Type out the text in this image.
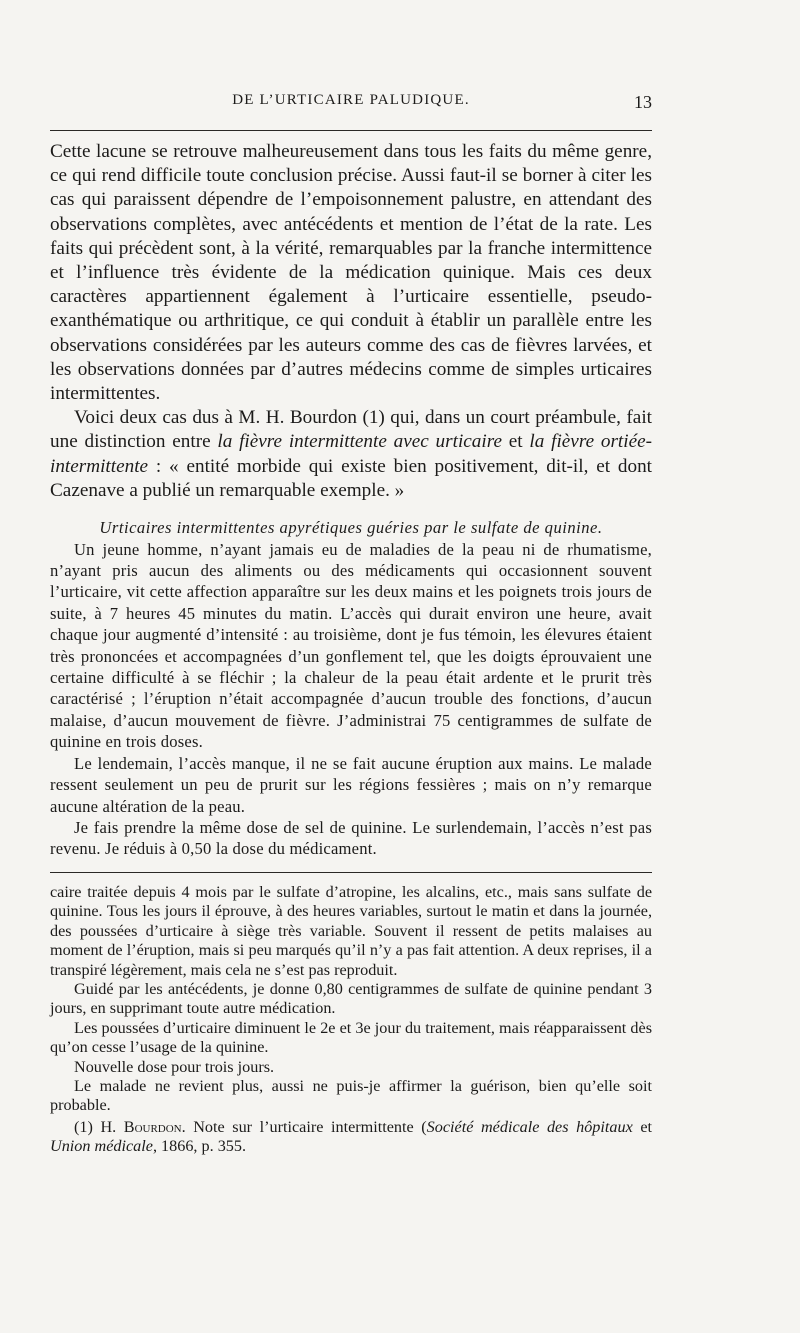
DE L’URTICAIRE PALUDIQUE.	13

Cette lacune se retrouve malheureusement dans tous les faits du même genre, ce qui rend difficile toute conclusion précise. Aussi faut-il se borner à citer les cas qui paraissent dépendre de l’empoisonnement palustre, en attendant des observations complètes, avec antécédents et mention de l’état de la rate. Les faits qui précèdent sont, à la vérité, remarquables par la franche intermittence et l’influence très évidente de la médication quinique. Mais ces deux caractères appartiennent également à l’urticaire essentielle, pseudo-exanthématique ou arthritique, ce qui conduit à établir un parallèle entre les observations considérées par les auteurs comme des cas de fièvres larvées, et les observations données par d’autres médecins comme de simples urticaires intermittentes.

Voici deux cas dus à M. H. Bourdon (1) qui, dans un court préambule, fait une distinction entre la fièvre intermittente avec urticaire et la fièvre ortiée-intermittente : « entité morbide qui existe bien positivement, dit-il, et dont Cazenave a publié un remarquable exemple. »

Urticaires intermittentes apyrétiques guéries par le sulfate de quinine.

Un jeune homme, n’ayant jamais eu de maladies de la peau ni de rhumatisme, n’ayant pris aucun des aliments ou des médicaments qui occasionnent souvent l’urticaire, vit cette affection apparaître sur les deux mains et les poignets trois jours de suite, à 7 heures 45 minutes du matin. L’accès qui durait environ une heure, avait chaque jour augmenté d’intensité : au troisième, dont je fus témoin, les élevures étaient très prononcées et accompagnées d’un gonflement tel, que les doigts éprouvaient une certaine difficulté à se fléchir ; la chaleur de la peau était ardente et le prurit très caractérisé ; l’éruption n’était accompagnée d’aucun trouble des fonctions, d’aucun malaise, d’aucun mouvement de fièvre. J’administrai 75 centigrammes de sulfate de quinine en trois doses.

Le lendemain, l’accès manque, il ne se fait aucune éruption aux mains. Le malade ressent seulement un peu de prurit sur les régions fessières ; mais on n’y remarque aucune altération de la peau.

Je fais prendre la même dose de sel de quinine. Le surlendemain, l’accès n’est pas revenu. Je réduis à 0,50 la dose du médicament.

caire traitée depuis 4 mois par le sulfate d’atropine, les alcalins, etc., mais sans sulfate de quinine. Tous les jours il éprouve, à des heures variables, surtout le matin et dans la journée, des poussées d’urticaire à siège très variable. Souvent il ressent de petits malaises au moment de l’éruption, mais si peu marqués qu’il n’y a pas fait attention. A deux reprises, il a transpiré légèrement, mais cela ne s’est pas reproduit.

Guidé par les antécédents, je donne 0,80 centigrammes de sulfate de quinine pendant 3 jours, en supprimant toute autre médication.

Les poussées d’urticaire diminuent le 2e et 3e jour du traitement, mais réapparaissent dès qu’on cesse l’usage de la quinine.

Nouvelle dose pour trois jours.

Le malade ne revient plus, aussi ne puis-je affirmer la guérison, bien qu’elle soit probable.

(1) H. Bourdon. Note sur l’urticaire intermittente (Société médicale des hôpitaux et Union médicale, 1866, p. 355.
